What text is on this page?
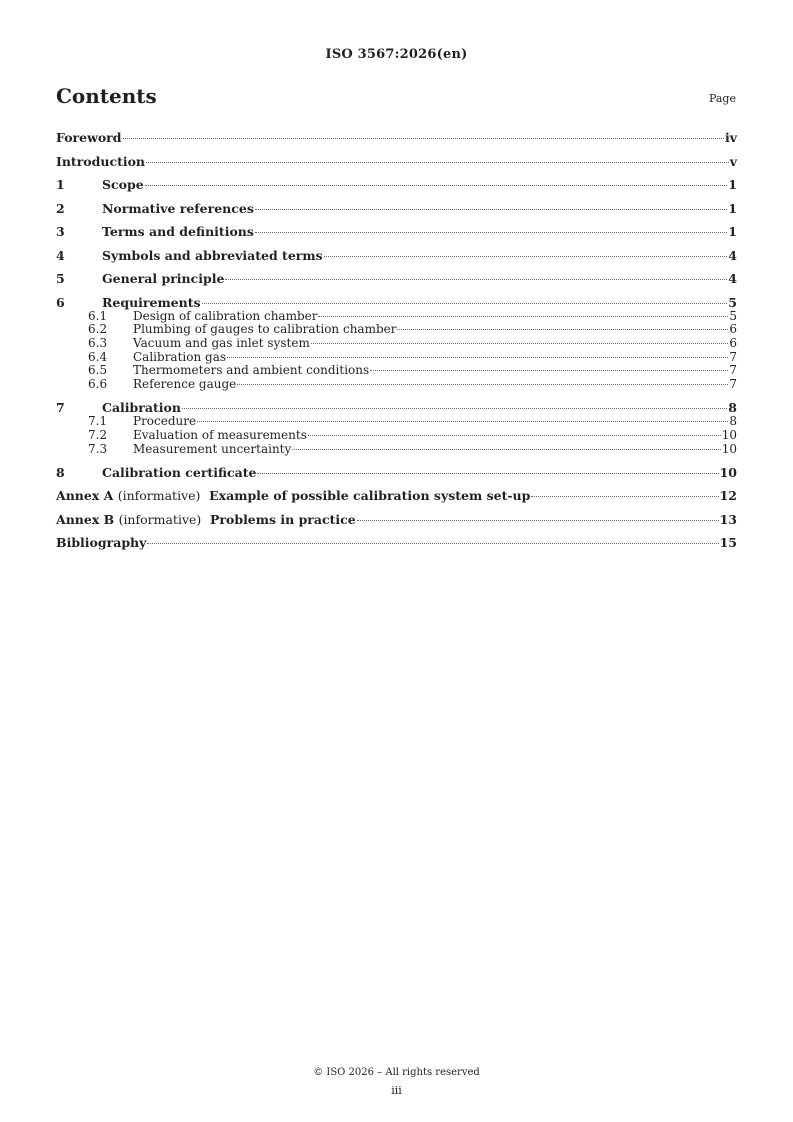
ISO 3567:2026(en)
Contents	Page
Foreword	iv
Introduction	v
1	Scope	1
2	Normative references	1
3	Terms and definitions	1
4	Symbols and abbreviated terms	4
5	General principle	4
6	Requirements	5
6.1	Design of calibration chamber	5
6.2	Plumbing of gauges to calibration chamber	6
6.3	Vacuum and gas inlet system	6
6.4	Calibration gas	7
6.5	Thermometers and ambient conditions	7
6.6	Reference gauge	7
7	Calibration	8
7.1	Procedure	8
7.2	Evaluation of measurements	10
7.3	Measurement uncertainty	10
8	Calibration certificate	10
Annex A (informative) Example of possible calibration system set-up	12
Annex B (informative) Problems in practice	13
Bibliography	15
© ISO 2026 – All rights reserved
iii
